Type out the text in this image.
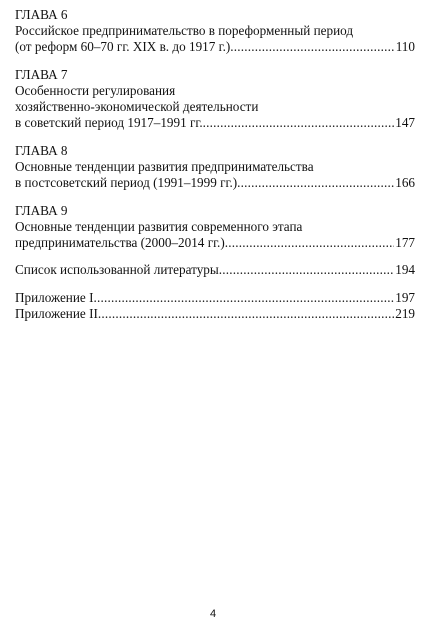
ГЛАВА 6
Российское предпринимательство в пореформенный период
(от реформ 60–70 гг. XIX в. до 1917 г.) .....	110
ГЛАВА 7
Особенности регулирования
хозяйственно-экономической деятельности
в советский период 1917–1991 гг. .....	147
ГЛАВА 8
Основные тенденции развития предпринимательства
в постсоветский период (1991–1999 гг.) .....	166
ГЛАВА 9
Основные тенденции развития современного этапа
предпринимательства (2000–2014 гг.) .....	177
Список использованной литературы .....	194
Приложение I .....	197
Приложение II .....	219
4
